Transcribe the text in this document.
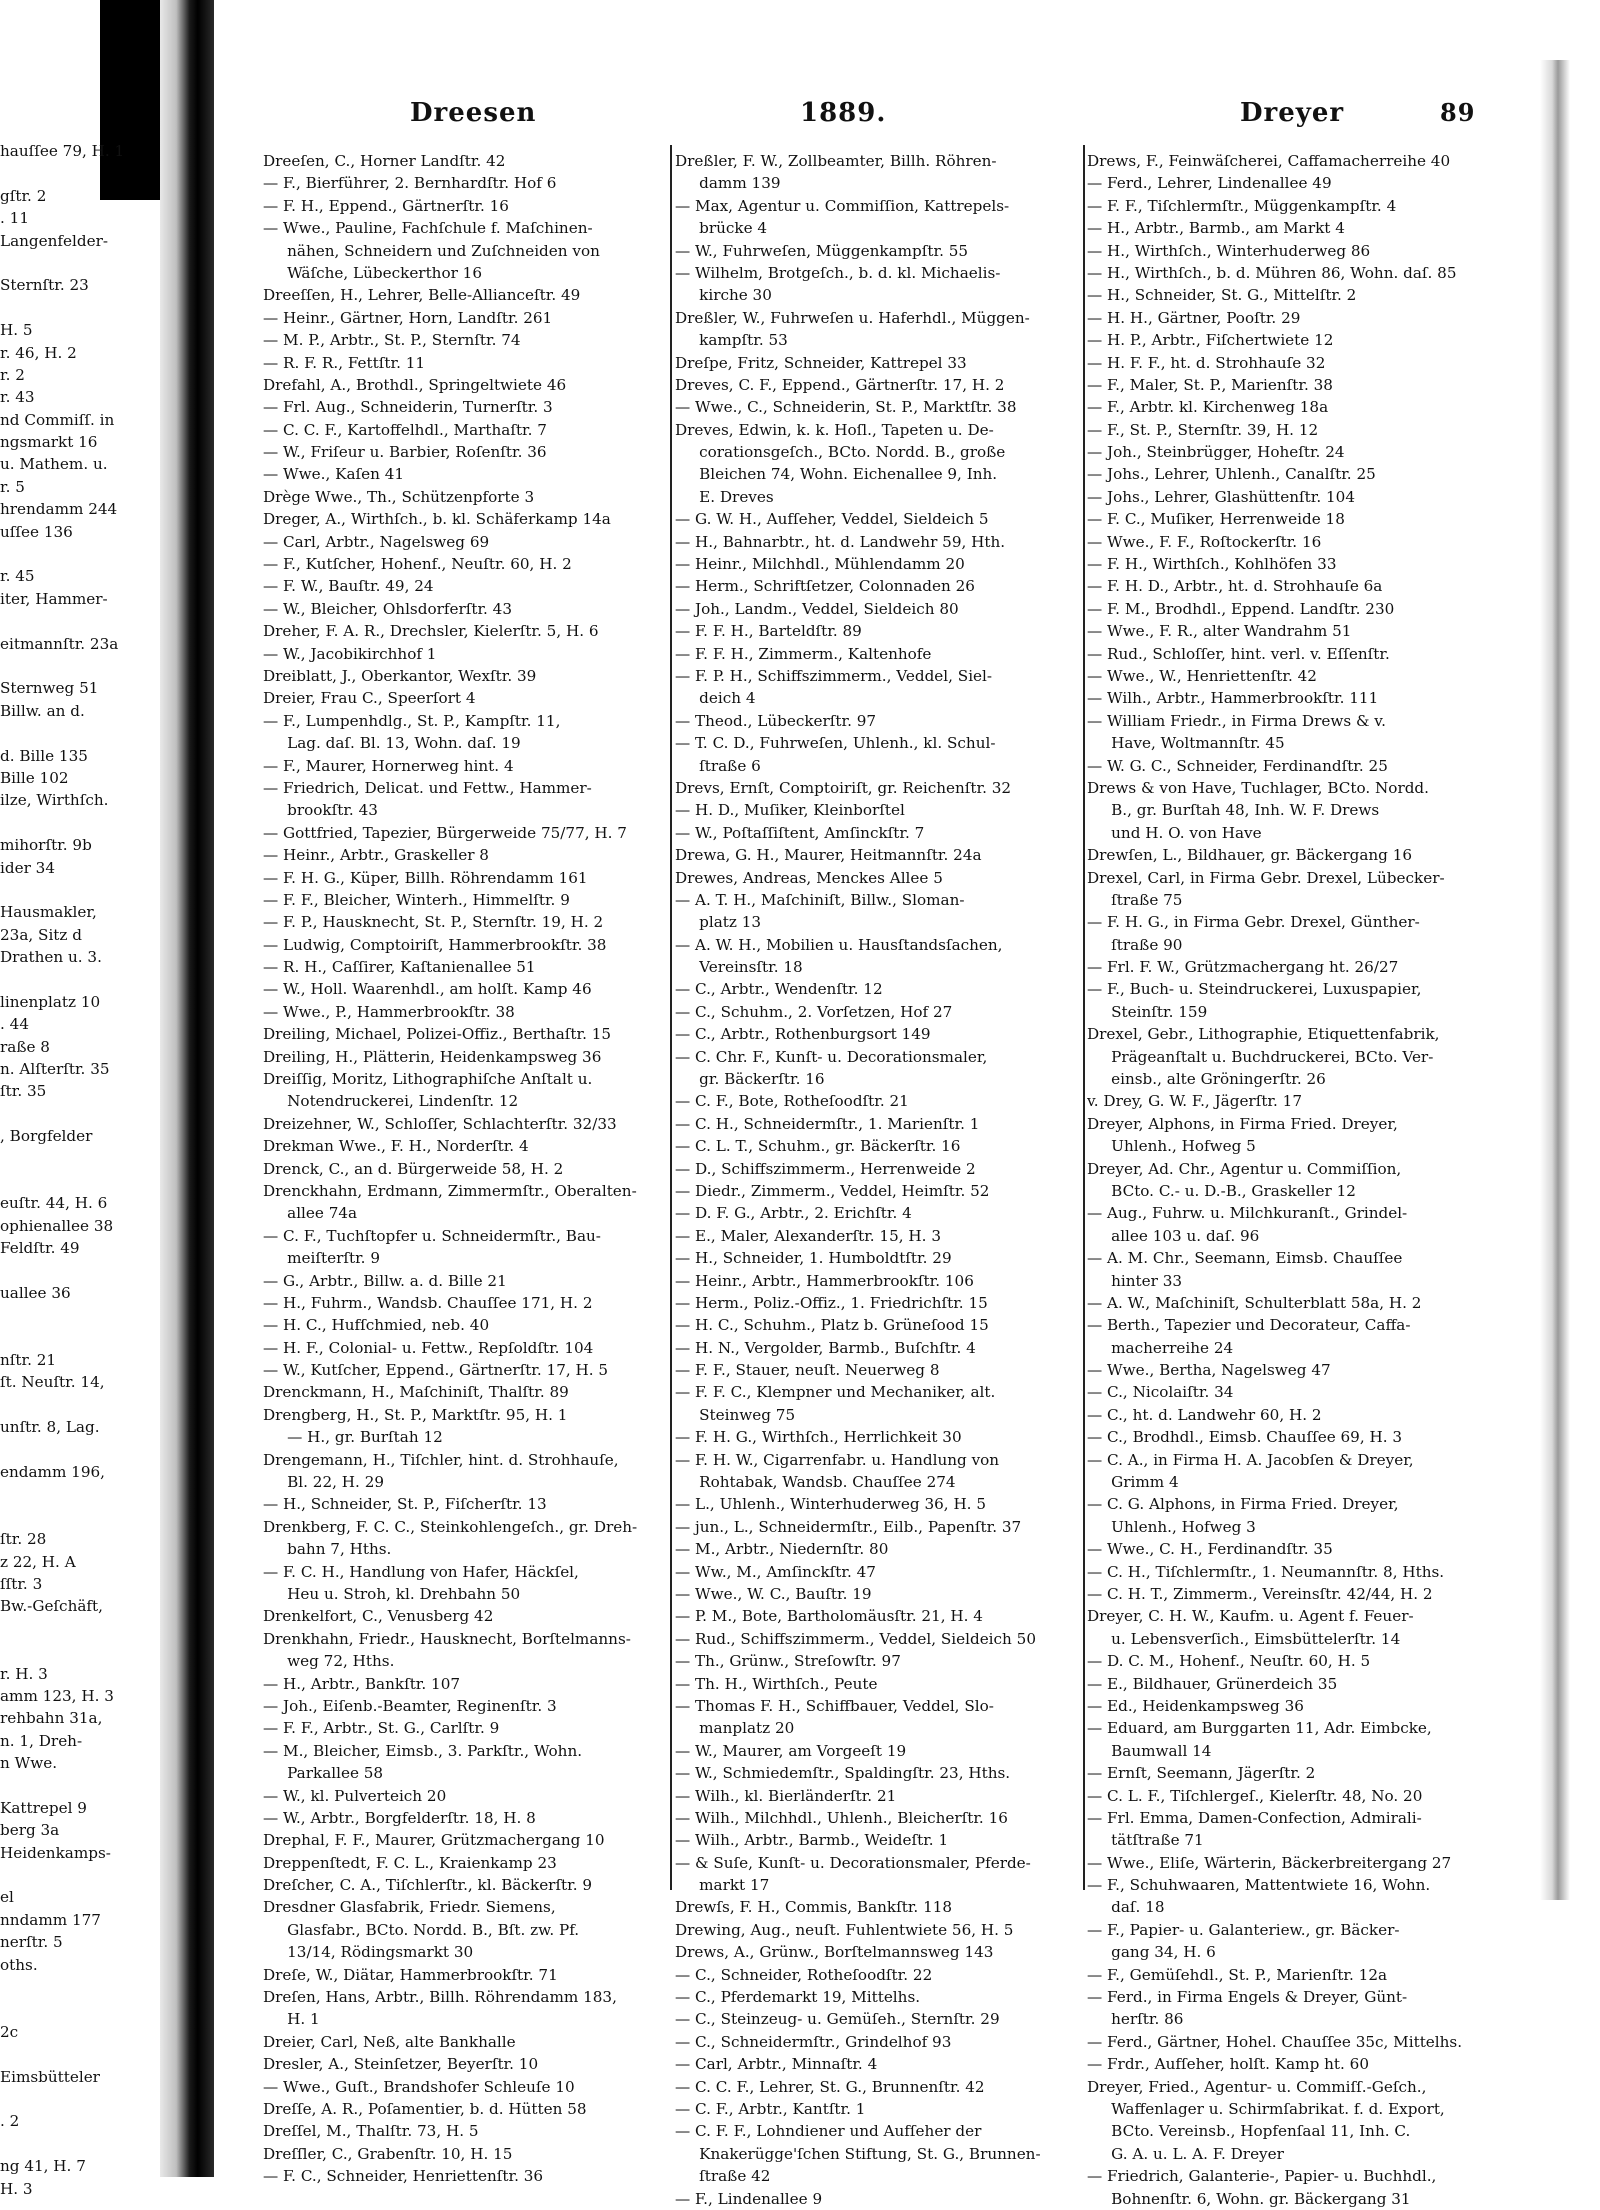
Dreesen	1889.	Dreyer	89
hauſſee 79, H. 1
gſtr. 2
. 11
Langenfelder-
Sternſtr. 23
H. 5
r. 46, H. 2
r. 2
r. 43
nd Commiſſ. in
ngsmarkt 16
u. Mathem. u.
r. 5
hrendamm 244
uſſee 136
r. 45
iter, Hammer-
eitmannſtr. 23a
Sternweg 51
Billw. an d.
d. Bille 135
Bille 102
ilze, Wirthſch.
mihorſtr. 9b
ider 34
Hausmakler,
23a, Sitz d
Drathen u. 3.
linenplatz 10
. 44
raße 8
n. Alſterſtr. 35
ſtr. 35
, Borgfelder
euſtr. 44, H. 6
ophienallee 38
Feldſtr. 49
uallee 36
nſtr. 21
ſt. Neuſtr. 14,
unſtr. 8, Lag.
endamm 196,
ſtr. 28
z 22, H. A
ſſtr. 3
Bw.-Geſchäft,
r. H. 3
amm 123, H. 3
rehbahn 31a,
n. 1, Dreh-
n Wwe.
Kattrepel 9
berg 3a
Heidenkamps-
el
nndamm 177
nerſtr. 5
oths.
2c
Eimsbütteler
. 2
ng 41, H. 7
H. 3
Dreeſen, C., Horner Landſtr. 42
— F., Bierführer, 2. Bernhardſtr. Hof 6
— F. H., Eppend., Gärtnerſtr. 16
— Wwe., Pauline, Fachſchule f. Maſchinen-
nähen, Schneidern und Zuſchneiden von
Wäſche, Lübeckerthor 16
Dreeſſen, H., Lehrer, Belle-Allianceſtr. 49
— Heinr., Gärtner, Horn, Landſtr. 261
— M. P., Arbtr., St. P., Sternſtr. 74
— R. F. R., Fettſtr. 11
Drefahl, A., Brothdl., Springeltwiete 46
— Frl. Aug., Schneiderin, Turnerſtr. 3
— C. C. F., Kartoffelhdl., Marthaſtr. 7
— W., Friſeur u. Barbier, Roſenſtr. 36
— Wwe., Kaſen 41
Drège Wwe., Th., Schützenpforte 3
Dreger, A., Wirthſch., b. kl. Schäferkamp 14a
— Carl, Arbtr., Nagelsweg 69
— F., Kutſcher, Hohenf., Neuſtr. 60, H. 2
— F. W., Bauſtr. 49, 24
— W., Bleicher, Ohlsdorferſtr. 43
Dreher, F. A. R., Drechsler, Kielerſtr. 5, H. 6
— W., Jacobikirchhof 1
Dreiblatt, J., Oberkantor, Wexſtr. 39
Dreier, Frau C., Speerſort 4
— F., Lumpenhdlg., St. P., Kampſtr. 11,
Lag. daſ. Bl. 13, Wohn. daſ. 19
— F., Maurer, Hornerweg hint. 4
— Friedrich, Delicat. und Fettw., Hammer-
brookſtr. 43
— Gottfried, Tapezier, Bürgerweide 75/77, H. 7
— Heinr., Arbtr., Graskeller 8
— F. H. G., Küper, Billh. Röhrendamm 161
— F. F., Bleicher, Winterh., Himmelſtr. 9
— F. P., Hausknecht, St. P., Sternſtr. 19, H. 2
— Ludwig, Comptoiriſt, Hammerbrookſtr. 38
— R. H., Caſſirer, Kaſtanienallee 51
— W., Holl. Waarenhdl., am holſt. Kamp 46
— Wwe., P., Hammerbrookſtr. 38
Dreiling, Michael, Polizei-Offiz., Berthaſtr. 15
Dreiling, H., Plätterin, Heidenkampsweg 36
Dreiſſig, Moritz, Lithographiſche Anſtalt u.
Notendruckerei, Lindenſtr. 12
Dreizehner, W., Schloſſer, Schlachterſtr. 32/33
Drekman Wwe., F. H., Norderſtr. 4
Drenck, C., an d. Bürgerweide 58, H. 2
Drenckhahn, Erdmann, Zimmermſtr., Oberalten-
allee 74a
— C. F., Tuchſtopfer u. Schneidermſtr., Bau-
meiſterſtr. 9
— G., Arbtr., Billw. a. d. Bille 21
— H., Fuhrm., Wandsb. Chauſſee 171, H. 2
— H. C., Hufſchmied, neb. 40
— H. F., Colonial- u. Fettw., Repſoldſtr. 104
— W., Kutſcher, Eppend., Gärtnerſtr. 17, H. 5
Drenckmann, H., Maſchiniſt, Thalſtr. 89
Drengberg, H., St. P., Marktſtr. 95, H. 1
— H., gr. Burſtah 12
Drengemann, H., Tiſchler, hint. d. Strohhauſe,
Bl. 22, H. 29
— H., Schneider, St. P., Fiſcherſtr. 13
Drenkberg, F. C. C., Steinkohlengeſch., gr. Dreh-
bahn 7, Hths.
— F. C. H., Handlung von Hafer, Häckſel,
Heu u. Stroh, kl. Drehbahn 50
Drenkelfort, C., Venusberg 42
Drenkhahn, Friedr., Hausknecht, Borſtelmanns-
weg 72, Hths.
— H., Arbtr., Bankſtr. 107
— Joh., Eiſenb.-Beamter, Reginenſtr. 3
— F. F., Arbtr., St. G., Carlſtr. 9
— M., Bleicher, Eimsb., 3. Parkſtr., Wohn.
Parkallee 58
— W., kl. Pulverteich 20
— W., Arbtr., Borgfelderſtr. 18, H. 8
Drephal, F. F., Maurer, Grützmachergang 10
Dreppenſtedt, F. C. L., Kraienkamp 23
Dreſcher, C. A., Tiſchlerſtr., kl. Bäckerſtr. 9
Dresdner Glasfabrik, Friedr. Siemens,
Glasfabr., BCto. Nordd. B., Bſt. zw. Pf.
13/14, Rödingsmarkt 30
Dreſe, W., Diätar, Hammerbrookſtr. 71
Dreſen, Hans, Arbtr., Billh. Röhrendamm 183,
H. 1
Dreier, Carl, Neß, alte Bankhalle
Dresler, A., Steinſetzer, Beyerſtr. 10
— Wwe., Guſt., Brandshofer Schleuſe 10
Dreſſe, A. R., Poſamentier, b. d. Hütten 58
Dreſſel, M., Thalſtr. 73, H. 5
Dreſſler, C., Grabenſtr. 10, H. 15
— F. C., Schneider, Henriettenſtr. 36
Dreßler, F. W., Zollbeamter, Billh. Röhren-
damm 139
— Max, Agentur u. Commiſſion, Kattrepels-
brücke 4
— W., Fuhrweſen, Müggenkampſtr. 55
— Wilhelm, Brotgeſch., b. d. kl. Michaelis-
kirche 30
Dreßler, W., Fuhrweſen u. Haferhdl., Müggen-
kampſtr. 53
Dreſpe, Fritz, Schneider, Kattrepel 33
Dreves, C. F., Eppend., Gärtnerſtr. 17, H. 2
— Wwe., C., Schneiderin, St. P., Marktſtr. 38
Dreves, Edwin, k. k. Hoſl., Tapeten u. De-
corationsgeſch., BCto. Nordd. B., große
Bleichen 74, Wohn. Eichenallee 9, Inh.
E. Dreves
— G. W. H., Aufſeher, Veddel, Sieldeich 5
— H., Bahnarbtr., ht. d. Landwehr 59, Hth.
— Heinr., Milchhdl., Mühlendamm 20
— Herm., Schriftſetzer, Colonnaden 26
— Joh., Landm., Veddel, Sieldeich 80
— F. F. H., Barteldſtr. 89
— F. F. H., Zimmerm., Kaltenhofe
— F. P. H., Schiffszimmerm., Veddel, Siel-
deich 4
— Theod., Lübeckerſtr. 97
— T. C. D., Fuhrweſen, Uhlenh., kl. Schul-
ſtraße 6
Drevs, Ernſt, Comptoiriſt, gr. Reichenſtr. 32
— H. D., Muſiker, Kleinborſtel
— W., Poſtaſſiſtent, Amſinckſtr. 7
Drewa, G. H., Maurer, Heitmannſtr. 24a
Drewes, Andreas, Menckes Allee 5
— A. T. H., Maſchiniſt, Billw., Sloman-
platz 13
— A. W. H., Mobilien u. Hausſtandsſachen,
Vereinsſtr. 18
— C., Arbtr., Wendenſtr. 12
— C., Schuhm., 2. Vorſetzen, Hof 27
— C., Arbtr., Rothenburgsort 149
— C. Chr. F., Kunſt- u. Decorationsmaler,
gr. Bäckerſtr. 16
— C. F., Bote, Rotheſoodſtr. 21
— C. H., Schneidermſtr., 1. Marienſtr. 1
— C. L. T., Schuhm., gr. Bäckerſtr. 16
— D., Schiffszimmerm., Herrenweide 2
— Diedr., Zimmerm., Veddel, Heimſtr. 52
— D. F. G., Arbtr., 2. Erichſtr. 4
— E., Maler, Alexanderſtr. 15, H. 3
— H., Schneider, 1. Humboldtſtr. 29
— Heinr., Arbtr., Hammerbrookſtr. 106
— Herm., Poliz.-Offiz., 1. Friedrichſtr. 15
— H. C., Schuhm., Platz b. Grüneſood 15
— H. N., Vergolder, Barmb., Buſchſtr. 4
— F. F., Stauer, neuſt. Neuerweg 8
— F. F. C., Klempner und Mechaniker, alt.
Steinweg 75
— F. H. G., Wirthſch., Herrlichkeit 30
— F. H. W., Cigarrenfabr. u. Handlung von
Rohtabak, Wandsb. Chauſſee 274
— L., Uhlenh., Winterhuderweg 36, H. 5
— jun., L., Schneidermſtr., Eilb., Papenſtr. 37
— M., Arbtr., Niedernſtr. 80
— Ww., M., Amſinckſtr. 47
— Wwe., W. C., Bauſtr. 19
— P. M., Bote, Bartholomäusſtr. 21, H. 4
— Rud., Schiffszimmerm., Veddel, Sieldeich 50
— Th., Grünw., Streſowſtr. 97
— Th. H., Wirthſch., Peute
— Thomas F. H., Schiffbauer, Veddel, Slo-
manplatz 20
— W., Maurer, am Vorgeeſt 19
— W., Schmiedemſtr., Spaldingſtr. 23, Hths.
— Wilh., kl. Bierländerſtr. 21
— Wilh., Milchhdl., Uhlenh., Bleicherſtr. 16
— Wilh., Arbtr., Barmb., Weideſtr. 1
— & Suſe, Kunſt- u. Decorationsmaler, Pferde-
markt 17
Drewſs, F. H., Commis, Bankſtr. 118
Drewing, Aug., neuſt. Fuhlentwiete 56, H. 5
Drews, A., Grünw., Borſtelmannsweg 143
— C., Schneider, Rotheſoodſtr. 22
— C., Pferdemarkt 19, Mittelhs.
— C., Steinzeug- u. Gemüſeh., Sternſtr. 29
— C., Schneidermſtr., Grindelhof 93
— Carl, Arbtr., Minnaſtr. 4
— C. C. F., Lehrer, St. G., Brunnenſtr. 42
— C. F., Arbtr., Kantſtr. 1
— C. F. F., Lohndiener und Aufſeher der
Knakerügge'ſchen Stiftung, St. G., Brunnen-
ſtraße 42
— F., Lindenallee 9
Drews, F., Feinwäſcherei, Caffamacherreihe 40
— Ferd., Lehrer, Lindenallee 49
— F. F., Tiſchlermſtr., Müggenkampſtr. 4
— H., Arbtr., Barmb., am Markt 4
— H., Wirthſch., Winterhuderweg 86
— H., Wirthſch., b. d. Mühren 86, Wohn. daſ. 85
— H., Schneider, St. G., Mittelſtr. 2
— H. H., Gärtner, Pooſtr. 29
— H. P., Arbtr., Fiſchertwiete 12
— H. F. F., ht. d. Strohhauſe 32
— F., Maler, St. P., Marienſtr. 38
— F., Arbtr. kl. Kirchenweg 18a
— F., St. P., Sternſtr. 39, H. 12
— Joh., Steinbrügger, Hoheſtr. 24
— Johs., Lehrer, Uhlenh., Canalſtr. 25
— Johs., Lehrer, Glashüttenſtr. 104
— F. C., Muſiker, Herrenweide 18
— Wwe., F. F., Roſtockerſtr. 16
— F. H., Wirthſch., Kohlhöfen 33
— F. H. D., Arbtr., ht. d. Strohhauſe 6a
— F. M., Brodhdl., Eppend. Landſtr. 230
— Wwe., F. R., alter Wandrahm 51
— Rud., Schloſſer, hint. verl. v. Eſſenſtr.
— Wwe., W., Henriettenſtr. 42
— Wilh., Arbtr., Hammerbrookſtr. 111
— William Friedr., in Firma Drews & v.
Have, Woltmannſtr. 45
— W. G. C., Schneider, Ferdinandſtr. 25
Drews & von Have, Tuchlager, BCto. Nordd.
B., gr. Burſtah 48, Inh. W. F. Drews
und H. O. von Have
Drewſen, L., Bildhauer, gr. Bäckergang 16
Drexel, Carl, in Firma Gebr. Drexel, Lübecker-
ſtraße 75
— F. H. G., in Firma Gebr. Drexel, Günther-
ſtraße 90
— Frl. F. W., Grützmachergang ht. 26/27
— F., Buch- u. Steindruckerei, Luxuspapier,
Steinſtr. 159
Drexel, Gebr., Lithographie, Etiquettenfabrik,
Prägeanſtalt u. Buchdruckerei, BCto. Ver-
einsb., alte Gröningerſtr. 26
v. Drey, G. W. F., Jägerſtr. 17
Dreyer, Alphons, in Firma Fried. Dreyer,
Uhlenh., Hofweg 5
Dreyer, Ad. Chr., Agentur u. Commiſſion,
BCto. C.- u. D.-B., Graskeller 12
— Aug., Fuhrw. u. Milchkuranſt., Grindel-
allee 103 u. daſ. 96
— A. M. Chr., Seemann, Eimsb. Chauſſee
hinter 33
— A. W., Maſchiniſt, Schulterblatt 58a, H. 2
— Berth., Tapezier und Decorateur, Caffa-
macherreihe 24
— Wwe., Bertha, Nagelsweg 47
— C., Nicolaiſtr. 34
— C., ht. d. Landwehr 60, H. 2
— C., Brodhdl., Eimsb. Chauſſee 69, H. 3
— C. A., in Firma H. A. Jacobſen & Dreyer,
Grimm 4
— C. G. Alphons, in Firma Fried. Dreyer,
Uhlenh., Hofweg 3
— Wwe., C. H., Ferdinandſtr. 35
— C. H., Tiſchlermſtr., 1. Neumannſtr. 8, Hths.
— C. H. T., Zimmerm., Vereinsſtr. 42/44, H. 2
Dreyer, C. H. W., Kaufm. u. Agent f. Feuer-
u. Lebensverſich., Eimsbüttelerſtr. 14
— D. C. M., Hohenf., Neuſtr. 60, H. 5
— E., Bildhauer, Grünerdeich 35
— Ed., Heidenkampsweg 36
— Eduard, am Burggarten 11, Adr. Eimbcke,
Baumwall 14
— Ernſt, Seemann, Jägerſtr. 2
— C. L. F., Tiſchlergeſ., Kielerſtr. 48, No. 20
— Frl. Emma, Damen-Confection, Admirali-
tätſtraße 71
— Wwe., Eliſe, Wärterin, Bäckerbreitergang 27
— F., Schuhwaaren, Mattentwiete 16, Wohn.
daſ. 18
— F., Papier- u. Galanteriew., gr. Bäcker-
gang 34, H. 6
— F., Gemüſehdl., St. P., Marienſtr. 12a
— Ferd., in Firma Engels & Dreyer, Günt-
herſtr. 86
— Ferd., Gärtner, Hohel. Chauſſee 35c, Mittelhs.
— Frdr., Aufſeher, holſt. Kamp ht. 60
Dreyer, Fried., Agentur- u. Commiſſ.-Geſch.,
Waffenlager u. Schirmſabrikat. f. d. Export,
BCto. Vereinsb., Hopfenſaal 11, Inh. C.
G. A. u. L. A. F. Dreyer
— Friedrich, Galanterie-, Papier- u. Buchhdl.,
Bohnenſtr. 6, Wohn. gr. Bäckergang 31
